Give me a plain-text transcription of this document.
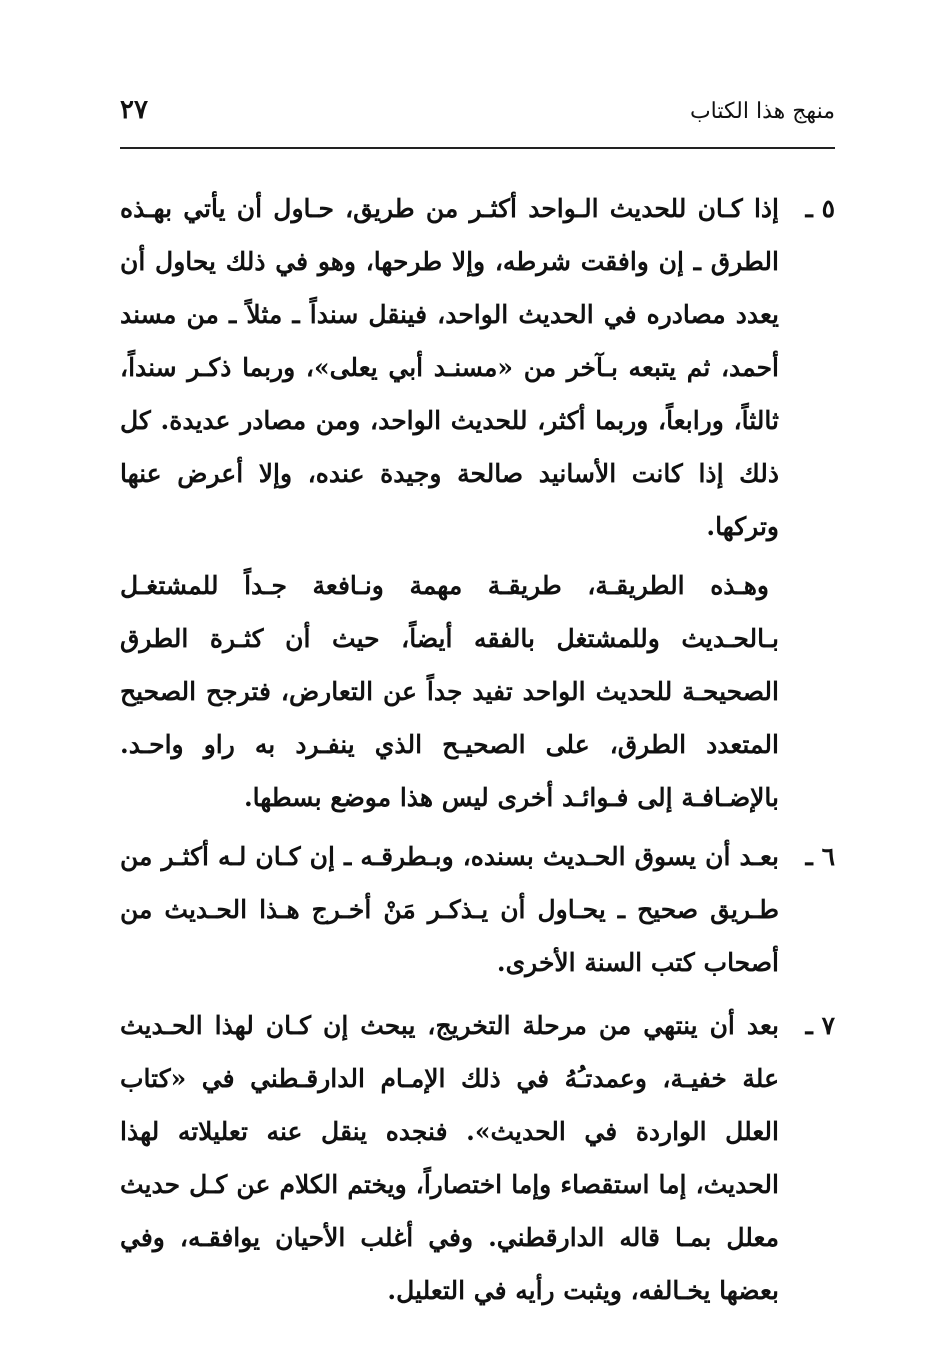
منهج هذا الكتاب
٢٧
٥ ـ
إذا كـان للحديث الـواحد أكثـر من طريق، حـاول أن يأتي بهـذه الطرق ـ إن وافقت شرطه، وإلا طرحها، وهو في ذلك يحاول أن يعدد مصادره في الحديث الواحد، فينقل سنداً ـ مثلاً ـ من مسند أحمد، ثم يتبعه بـآخر من «مسنـد أبي يعلى»، وربما ذكـر سنداً، ثالثاً، ورابعاً، وربما أكثر، للحديث الواحد، ومن مصادر عديدة. كل ذلك إذا كانت الأسانيد صالحة وجيدة عنده، وإلا أعرض عنها وتركها.

وهـذه الطريقـة، طريقـة مهمة ونـافعة جـداً للمشتغـل بـالحـديث وللمشتغل بالفقه أيضاً، حيث أن كثـرة الطرق الصحيحـة للحديث الواحد تفيد جداً عن التعارض، فترجح الصحيح المتعدد الطرق، على الصحيـح الذي ينفـرد به راو واحـد. بالإضـافـة إلى فـوائـد أخرى ليس هذا موضع بسطها.

٦ ـ
بعـد أن يسوق الحـديث بسنده، وبـطرقـه ـ إن كـان لـه أكثـر من طـريق صحيح ـ يحـاول أن يـذكـر مَنْ أخـرج هـذا الحـديث من أصحاب كتب السنة الأخرى.
٧ ـ
بعد أن ينتهي من مرحلة التخريج، يبحث إن كـان لهذا الحـديث علة خفيـة، وعمدتـُهُ في ذلك الإمـام الدارقـطني في «كتاب العلل الواردة في الحديث». فنجده ينقل عنه تعليلاته لهذا الحديث، إما استقصاء وإما اختصاراً، ويختم الكلام عن كـل حديث معلل بمـا قاله الدارقطني. وفي أغلب الأحيان يوافقـه، وفي بعضها يخـالفه، ويثبت رأيه في التعليل.
